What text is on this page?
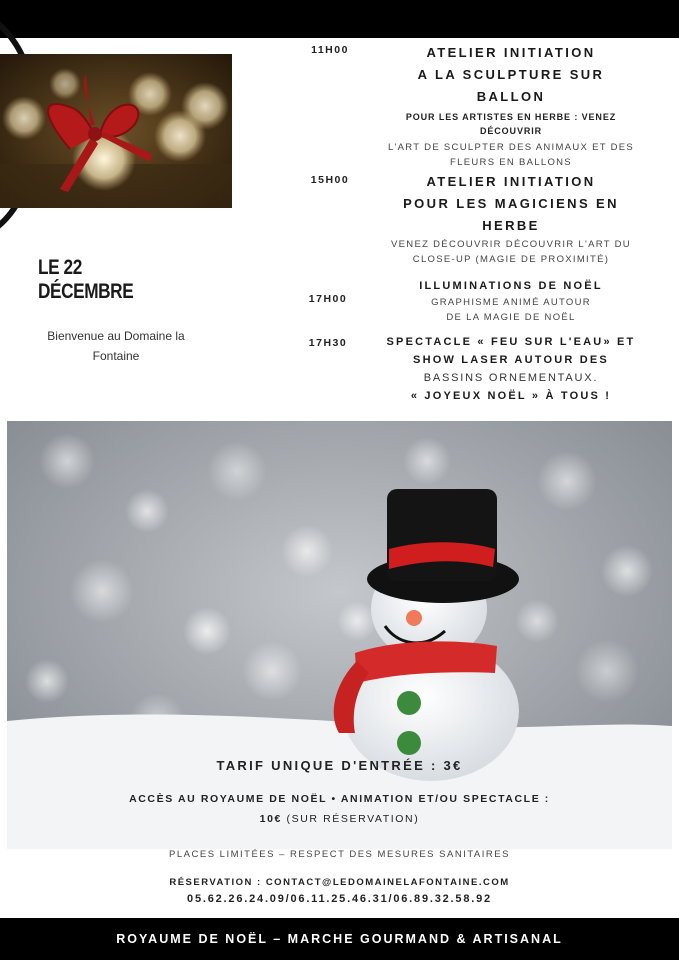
LE 22 DÉCEMBRE
Bienvenue au Domaine la Fontaine
11H00	ATELIER INITIATION
A LA SCULPTURE SUR
BALLON
POUR LES ARTISTES EN HERBE : VENEZ
DÉCOUVRIR
L'ART DE SCULPTER DES ANIMAUX ET DES
FLEURS EN BALLONS
15H00	ATELIER INITIATION
POUR LES MAGICIENS EN
HERBE
VENEZ DÉCOUVRIR DÉCOUVRIR L'ART DU
CLOSE-UP (MAGIE DE PROXIMITÉ)
17H00
ILLUMINATIONS DE NOËL
GRAPHISME ANIMÉ AUTOUR
DE LA MAGIE DE NOËL
17H30	SPECTACLE « FEU SUR L'EAU» ET
SHOW LASER AUTOUR DES
BASSINS ORNEMENTAUX.
« JOYEUX NOËL » À TOUS !
TARIF UNIQUE D'ENTRÉE : 3€
ACCÈS AU ROYAUME DE NOËL • ANIMATION ET/OU SPECTACLE :
10€ (SUR RÉSERVATION)
PLACES LIMITÉES – RESPECT DES MESURES SANITAIRES
RÉSERVATION : CONTACT@LEDOMAINELAFONTAINE.COM
05.62.26.24.09/06.11.25.46.31/06.89.32.58.92
ROYAUME DE NOËL – MARCHE GOURMAND & ARTISANAL
